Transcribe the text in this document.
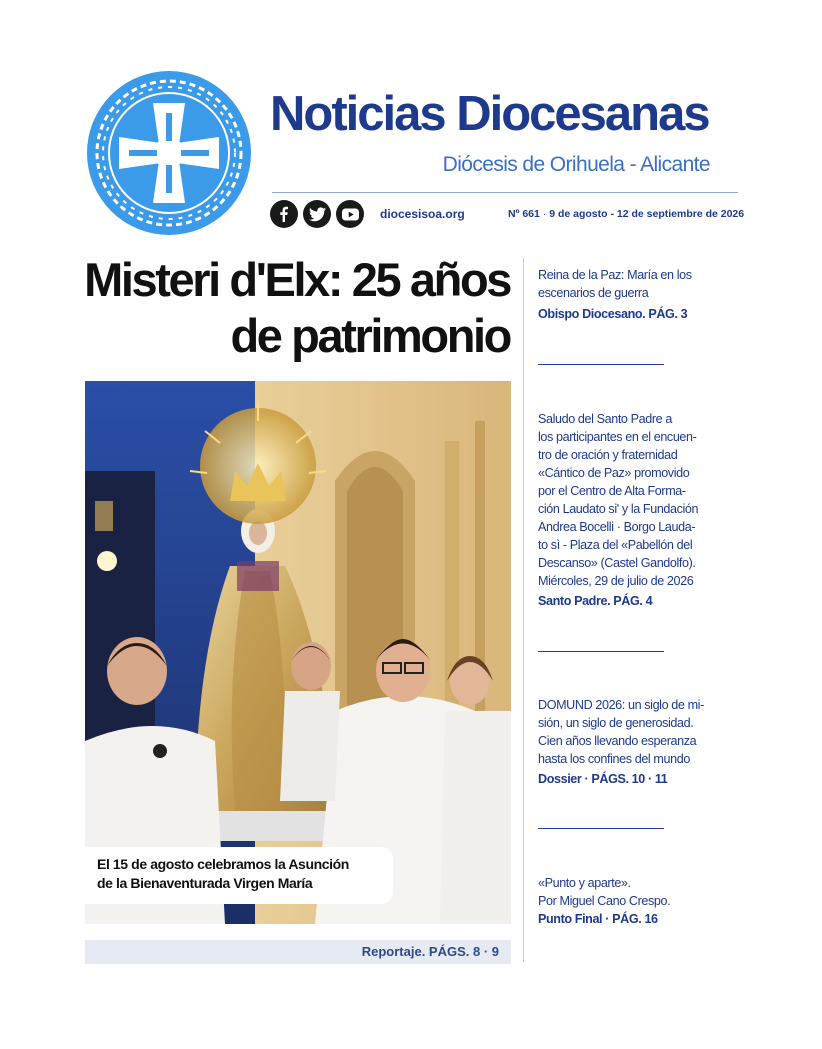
Noticias Diocesanas
Diócesis de Orihuela - Alicante
diocesisoa.org	Nº 661 · 9 de agosto - 12 de septiembre de 2026
Misteri d'Elx: 25 años
de patrimonio
El 15 de agosto celebramos la Asunción
de la Bienaventurada Virgen María
Reportaje. PÁGS. 8 · 9
Reina de la Paz: María en los
escenarios de guerra
Obispo Diocesano. PÁG. 3
Saludo del Santo Padre a
los participantes en el encuen-
tro de oración y fraternidad
«Cántico de Paz» promovido
por el Centro de Alta Forma-
ción Laudato si' y la Fundación
Andrea Bocelli · Borgo Lauda-
to sì - Plaza del «Pabellón del
Descanso» (Castel Gandolfo).
Miércoles, 29 de julio de 2026
Santo Padre. PÁG. 4
DOMUND 2026: un siglo de mi-
sión, un siglo de generosidad.
Cien años llevando esperanza
hasta los confines del mundo
Dossier · PÁGS. 10 · 11
«Punto y aparte».
Por Miguel Cano Crespo.
Punto Final · PÁG. 16
